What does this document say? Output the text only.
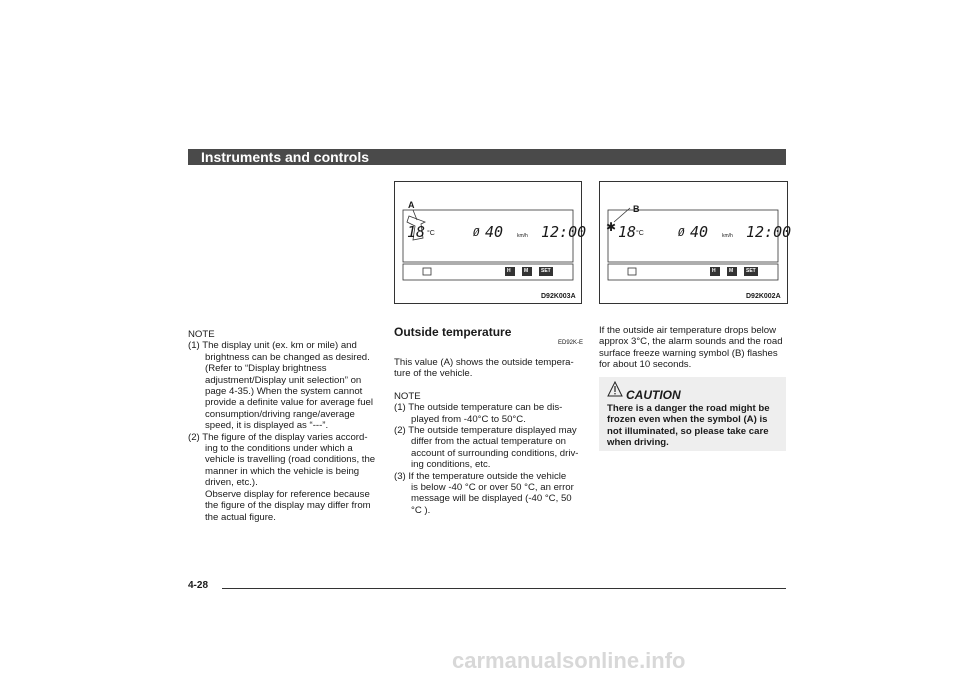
Instruments and controls
A
18 °C	Ø 40	km/h 12:00
H	M	SET
D92K003A
B
✱ 18 °C	Ø 40	km/h 12:00
H	M	SET
D92K002A

NOTE

(1) The display unit (ex. km or mile) and

brightness can be changed as desired.

(Refer to “Display brightness

adjustment/Display unit selection” on

page 4-35.) When the system cannot

provide a definite value for average fuel

consumption/driving range/average

speed, it is displayed as “---”.

(2) The figure of the display varies accord-

ing to the conditions under which a

vehicle is travelling (road conditions, the

manner in which the vehicle is being

driven, etc.).

Observe display for reference because

the figure of the display may differ from

the actual figure.

Outside temperature
ED92K-E

This value (A) shows the outside tempera-

ture of the vehicle.

NOTE

(1) The outside temperature can be dis-

played from -40°C to 50°C.

(2) The outside temperature displayed may

differ from the actual temperature on

account of surrounding conditions, driv-

ing conditions, etc.

(3) If the temperature outside the vehicle

is below -40 °C or over 50 °C, an error

message will be displayed (-40 °C, 50

°C ).

If the outside air temperature drops below

approx 3°C, the alarm sounds and the road

surface freeze warning symbol (B) flashes

for about 10 seconds.

CAUTION

There is a danger the road might be

frozen even when the symbol (A) is

not illuminated, so please take care

when driving.

4-28
carmanualsonline.info
